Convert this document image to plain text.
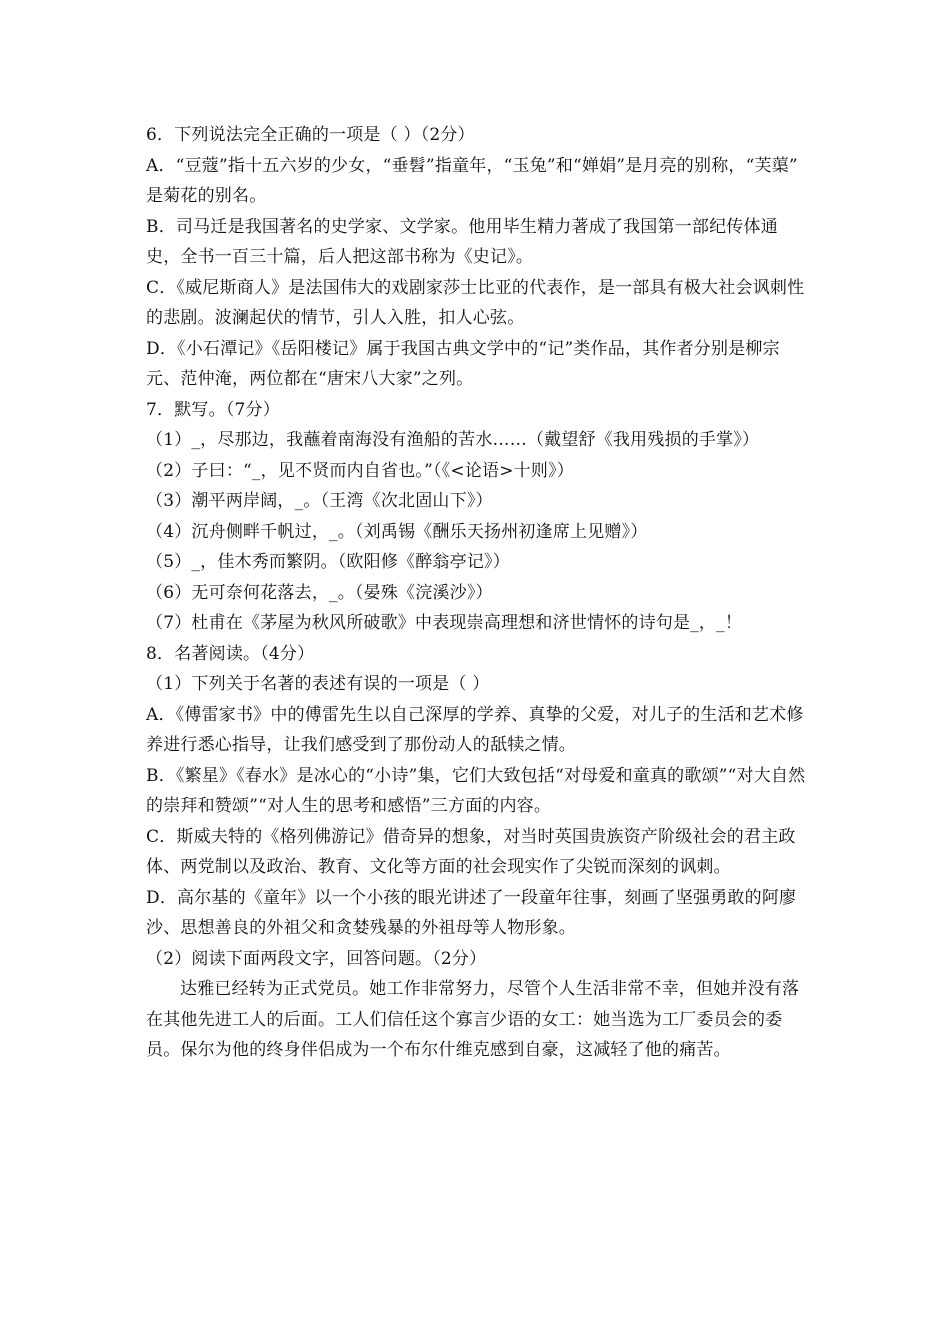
6．下列说法完全正确的一项是（ ）（2分）

A．“豆蔻”指十五六岁的少女，“垂髫”指童年，“玉兔”和“婵娟”是月亮的别称，“芙蕖”

是菊花的别名。

B．司马迁是我国著名的史学家、文学家。他用毕生精力著成了我国第一部纪传体通史，全书一百三十篇，后人把这部书称为《史记》。

C．《威尼斯商人》是法国伟大的戏剧家莎士比亚的代表作，是一部具有极大社会讽刺性的悲剧。波澜起伏的情节，引人入胜，扣人心弦。

D．《小石潭记》《岳阳楼记》属于我国古典文学中的“记”类作品，其作者分别是柳宗元、范仲淹，两位都在“唐宋八大家”之列。

7．默写。（7分）

（1）_，尽那边，我蘸着南海没有渔船的苦水……（戴望舒《我用残损的手掌》）

（2）子曰：“_，见不贤而内自省也。”（《<论语>十则》）

（3）潮平两岸阔，_。（王湾《次北固山下》）

（4）沉舟侧畔千帆过，_。（刘禹锡《酬乐天扬州初逢席上见赠》）

（5）_，佳木秀而繁阴。（欧阳修《醉翁亭记》）

（6）无可奈何花落去，_。（晏殊《浣溪沙》）

（7）杜甫在《茅屋为秋风所破歌》中表现崇高理想和济世情怀的诗句是_，_！

8．名著阅读。（4分）

（1）下列关于名著的表述有误的一项是（ ）

A．《傅雷家书》中的傅雷先生以自己深厚的学养、真挚的父爱，对儿子的生活和艺术修养进行悉心指导，让我们感受到了那份动人的舐犊之情。

B．《繁星》《春水》是冰心的“小诗”集，它们大致包括“对母爱和童真的歌颂”“对大自然的崇拜和赞颂”“对人生的思考和感悟”三方面的内容。

C．斯威夫特的《格列佛游记》借奇异的想象，对当时英国贵族资产阶级社会的君主政体、两党制以及政治、教育、文化等方面的社会现实作了尖锐而深刻的讽刺。

D．高尔基的《童年》以一个小孩的眼光讲述了一段童年往事，刻画了坚强勇敢的阿廖沙、思想善良的外祖父和贪婪残暴的外祖母等人物形象。

（2）阅读下面两段文字，回答问题。（2分）

达雅已经转为正式党员。她工作非常努力，尽管个人生活非常不幸，但她并没有落在其他先进工人的后面。工人们信任这个寡言少语的女工：她当选为工厂委员会的委员。保尔为他的终身伴侣成为一个布尔什维克感到自豪，这减轻了他的痛苦。
